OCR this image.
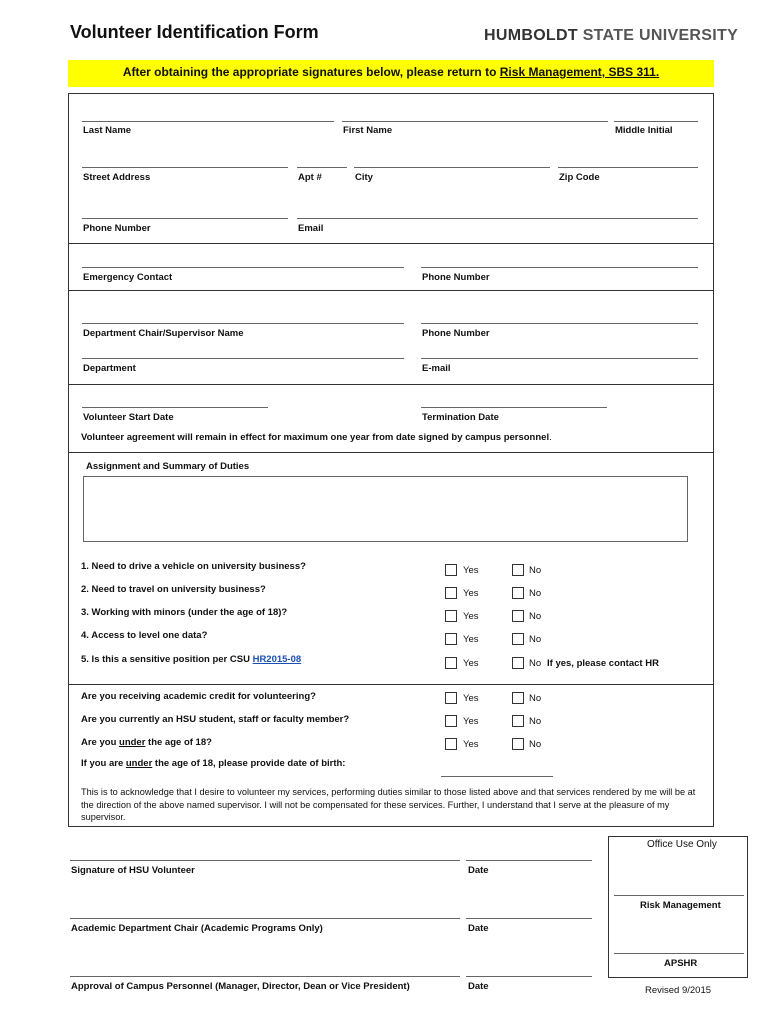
Volunteer Identification Form	HUMBOLDT STATE UNIVERSITY
After obtaining the appropriate signatures below, please return to Risk Management, SBS 311.
Last Name	First Name	Middle Initial
Street Address	Apt #	City	Zip Code
Phone Number	Email
Emergency Contact	Phone Number
Department Chair/Supervisor Name	Phone Number
Department	E-mail
Volunteer Start Date	Termination Date
Volunteer agreement will remain in effect for maximum one year from date signed by campus personnel.
Assignment and Summary of Duties
1. Need to drive a vehicle on university business?	Yes	No
2. Need to travel on university business?	Yes	No
3. Working with minors (under the age of 18)?	Yes	No
4. Access to level one data?	Yes	No
5. Is this a sensitive position per CSU HR2015-08	Yes	No If yes, please contact HR
Are you receiving academic credit for volunteering?	Yes	No
Are you currently an HSU student, staff or faculty member?	Yes	No
Are you under the age of 18?	Yes	No
If you are under the age of 18, please provide date of birth:
This is to acknowledge that I desire to volunteer my services, performing duties similar to those listed above and that services rendered by me will be at the direction of the above named supervisor. I will not be compensated for these services. Further, I understand that I serve at the pleasure of my supervisor.
Signature of HSU Volunteer	Date
Academic Department Chair (Academic Programs Only)	Date
Approval of Campus Personnel (Manager, Director, Dean or Vice President)	Date
Office Use Only
Risk Management
APSHR
Revised 9/2015
